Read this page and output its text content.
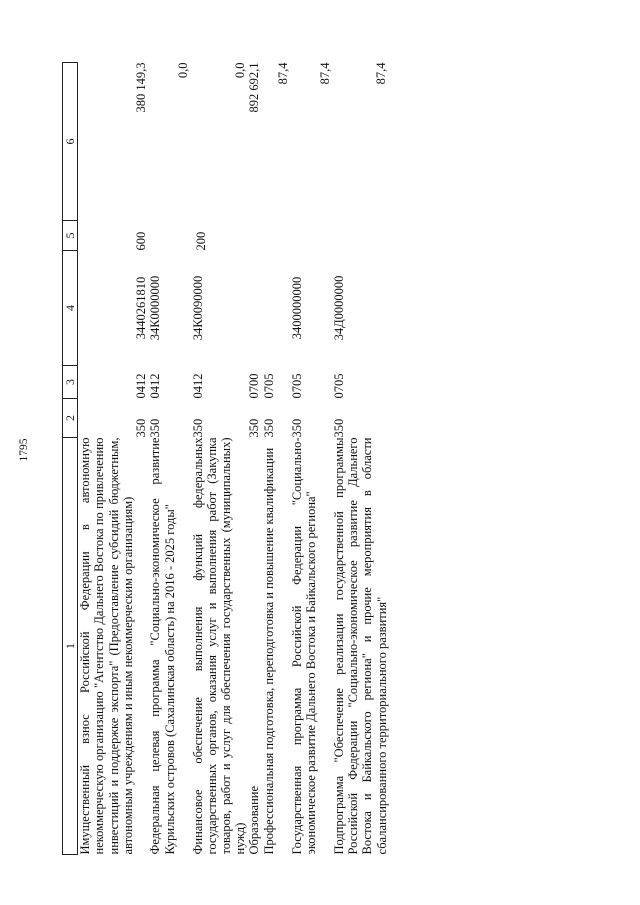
1795
1	2	3	4	5	6

Имущественный взнос Российской Федерации в автономную некоммерческую организацию "Агентство Дальнего Востока по привлечению инвестиций и поддержке экспорта" (Предоставление субсидий бюджетным, автономным учреждениям и иным некоммерческим организациям)	350	0412	3440261810	600	380 149,3

Федеральная целевая программа "Социально-экономическое развитие Курильских островов (Сахалинская область) на 2016 - 2025 годы"	350	0412	34К0000000		0,0

Финансовое обеспечение выполнения функций федеральных государственных органов, оказания услуг и выполнения работ (Закупка товаров, работ и услуг для обеспечения государственных (муниципальных) нужд)	350	0412	34К0090000	200	0,0

Образование	350	0700			892 692,1

Профессиональная подготовка, переподготовка и повышение квалификации	350	0705			87,4

Государственная программа Российской Федерации "Социально-экономическое развитие Дальнего Востока и Байкальского региона"	350	0705	3400000000		87,4

Подпрограмма "Обеспечение реализации государственной программы Российской Федерации "Социально-экономическое развитие Дальнего Востока и Байкальского региона" и прочие мероприятия в области сбалансированного территориального развития"	350	0705	34Д0000000		87,4
